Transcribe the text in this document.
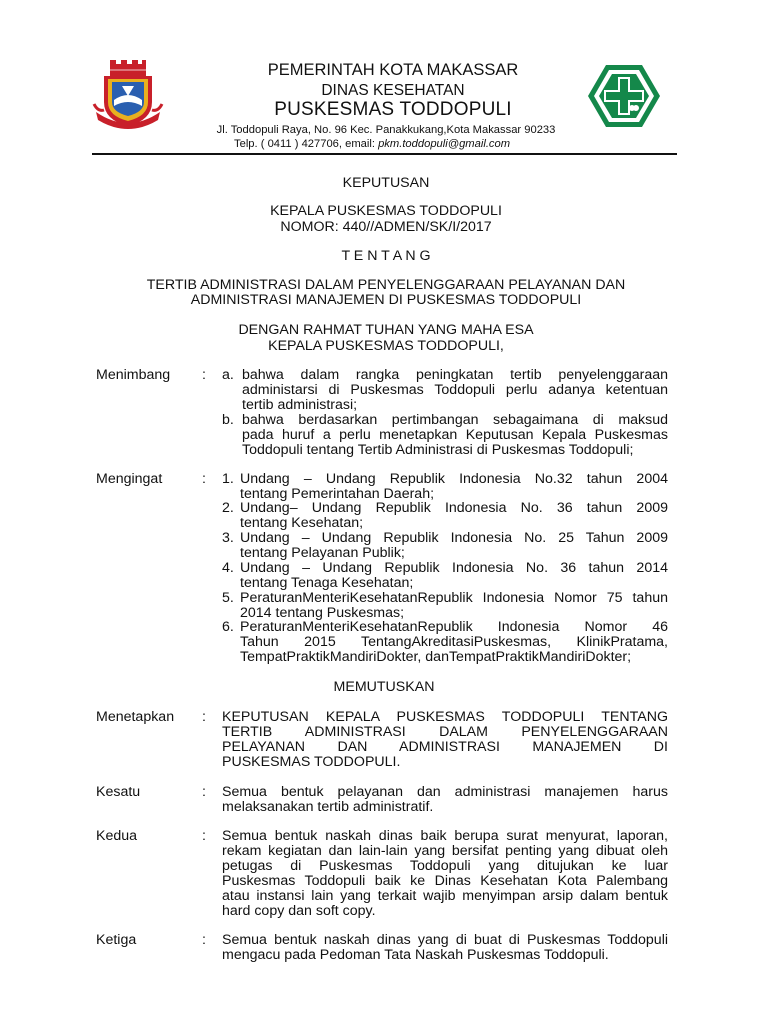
PEMERINTAH KOTA MAKASSAR
DINAS KESEHATAN
PUSKESMAS TODDOPULI
Jl. Toddopuli Raya, No. 96 Kec. Panakkukang,Kota Makassar 90233
Telp. ( 0411 ) 427706, email: pkm.toddopuli@gmail.com
KEPUTUSAN
KEPALA PUSKESMAS TODDOPULI
NOMOR: 440//ADMEN/SK/I/2017
T E N T A N G
TERTIB ADMINISTRASI DALAM PENYELENGGARAAN PELAYANAN DAN
ADMINISTRASI MANAJEMEN DI PUSKESMAS TODDOPULI
DENGAN RAHMAT TUHAN YANG MAHA ESA
KEPALA PUSKESMAS TODDOPULI,
Menimbang : a. bahwa dalam rangka peningkatan tertib penyelenggaraan
administarsi di Puskesmas Toddopuli perlu adanya ketentuan
tertib administrasi;
b. bahwa berdasarkan pertimbangan sebagaimana di maksud
pada huruf a perlu menetapkan Keputusan Kepala Puskesmas
Toddopuli tentang Tertib Administrasi di Puskesmas Toddopuli;
Mengingat	: 1. Undang – Undang Republik Indonesia No.32 tahun 2004
tentang Pemerintahan Daerah;
2. Undang– Undang Republik Indonesia No. 36 tahun 2009
tentang Kesehatan;
3. Undang – Undang Republik Indonesia No. 25 Tahun 2009
tentang Pelayanan Publik;
4. Undang – Undang Republik Indonesia No. 36 tahun 2014
tentang Tenaga Kesehatan;
5. PeraturanMenteriKesehatanRepublik Indonesia Nomor 75 tahun
2014 tentang Puskesmas;
6. PeraturanMenteriKesehatanRepublik Indonesia Nomor 46
Tahun 2015 TentangAkreditasiPuskesmas, KlinikPratama,
TempatPraktikMandiriDokter, danTempatPraktikMandiriDokter;
MEMUTUSKAN
Menetapkan : KEPUTUSAN KEPALA PUSKESMAS TODDOPULI TENTANG
TERTIB ADMINISTRASI DALAM PENYELENGGARAAN
PELAYANAN DAN ADMINISTRASI MANAJEMEN DI
PUSKESMAS TODDOPULI.
Kesatu	: Semua bentuk pelayanan dan administrasi manajemen harus
melaksanakan tertib administratif.
Kedua	: Semua bentuk naskah dinas baik berupa surat menyurat, laporan,
rekam kegiatan dan lain-lain yang bersifat penting yang dibuat oleh
petugas di Puskesmas Toddopuli yang ditujukan ke luar
Puskesmas Toddopuli baik ke Dinas Kesehatan Kota Palembang
atau instansi lain yang terkait wajib menyimpan arsip dalam bentuk
hard copy dan soft copy.
Ketiga	: Semua bentuk naskah dinas yang di buat di Puskesmas Toddopuli
mengacu pada Pedoman Tata Naskah Puskesmas Toddopuli.
